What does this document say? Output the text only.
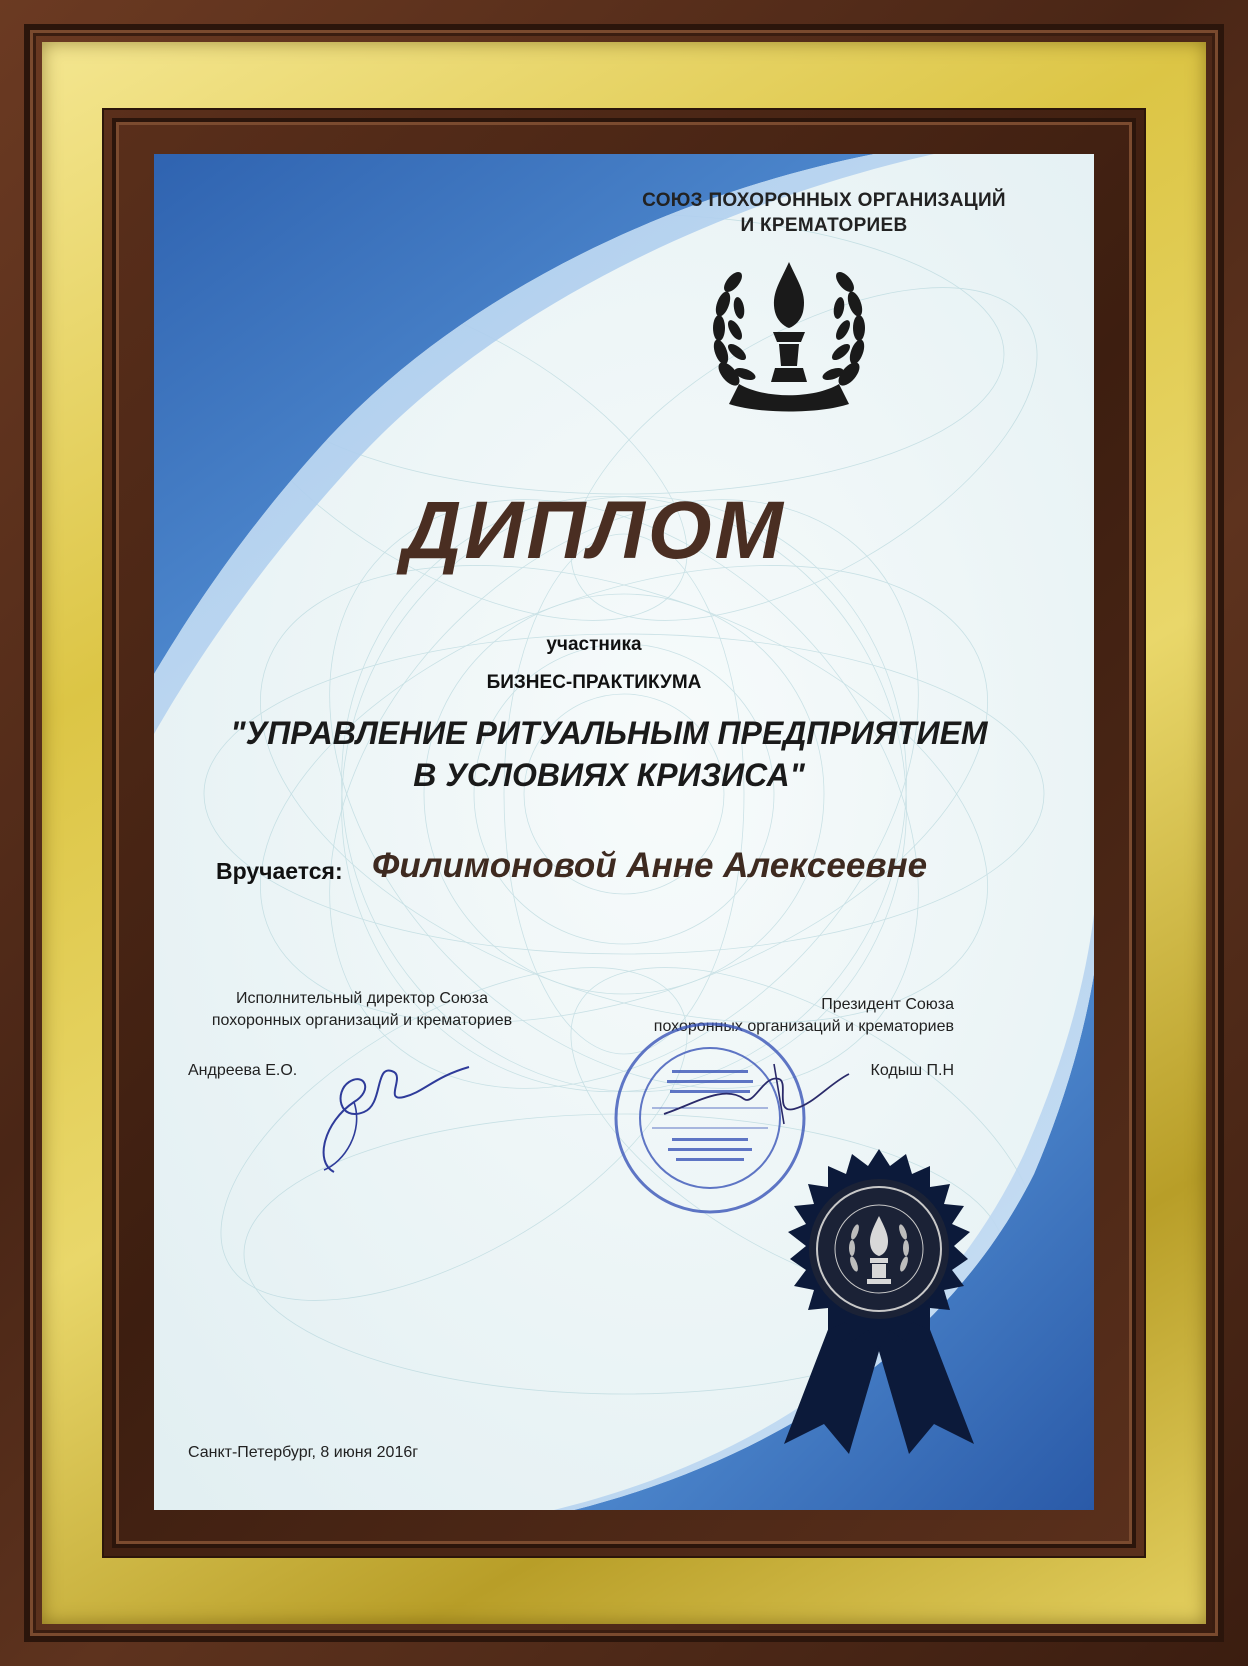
СОЮЗ ПОХОРОННЫХ ОРГАНИЗАЦИЙ
И КРЕМАТОРИЕВ
ДИПЛОМ
участника
БИЗНЕС-ПРАКТИКУМА
"УПРАВЛЕНИЕ РИТУАЛЬНЫМ ПРЕДПРИЯТИЕМ
В УСЛОВИЯХ КРИЗИСА"
Вручается: Филимоновой Анне Алексеевне
Исполнительный директор Союза
похоронных организаций и крематориев
Андреева Е.О.
Президент Союза
похоронных организаций и крематориев
Кодыш П.Н
Санкт-Петербург, 8 июня 2016г
